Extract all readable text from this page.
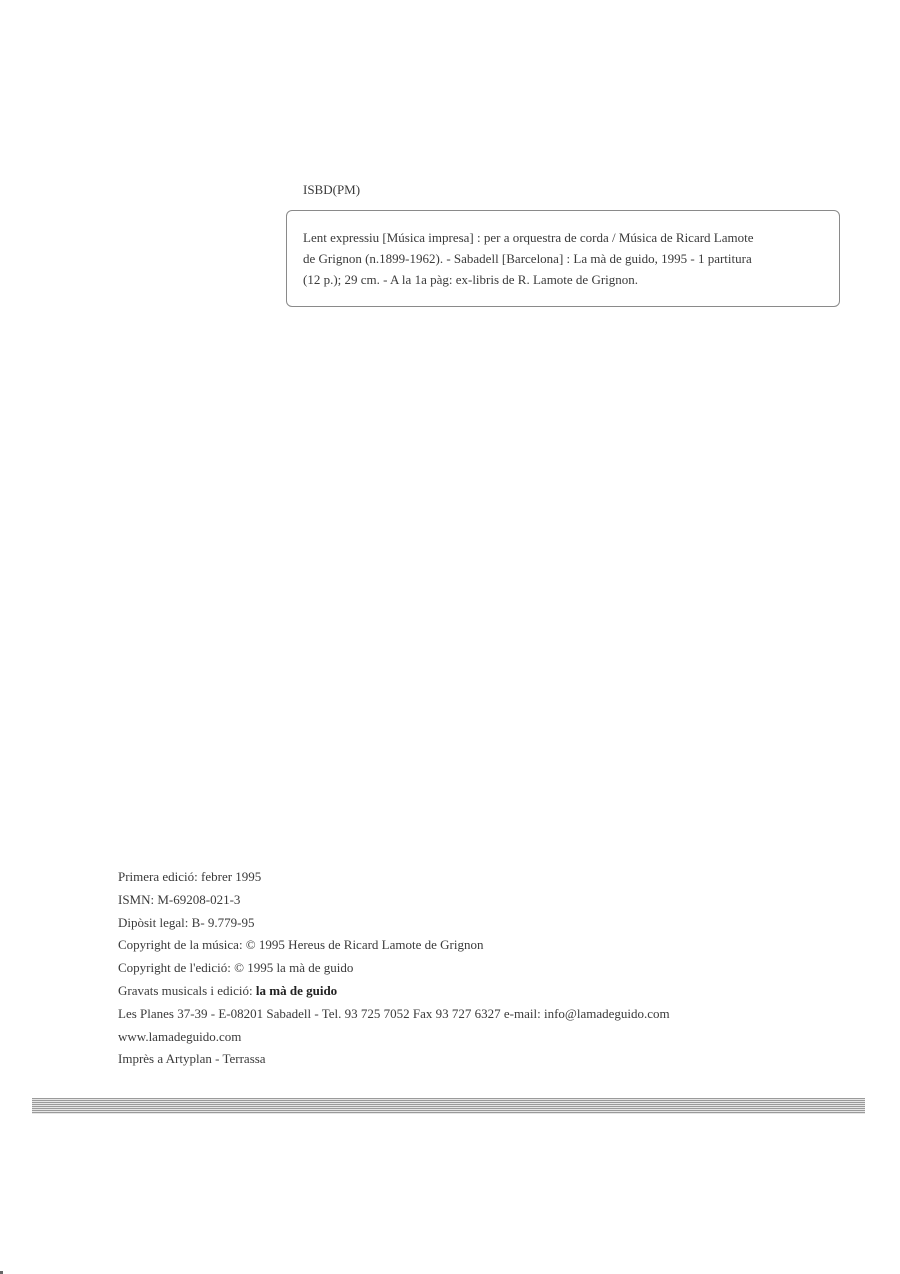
ISBD(PM)

Lent expressiu [Música impresa] : per a orquestra de corda / Música de Ricard Lamote
de Grignon (n.1899-1962). - Sabadell [Barcelona] : La mà de guido, 1995 - 1 partitura
(12 p.); 29 cm. - A la 1a pàg: ex-libris de R. Lamote de Grignon.

Primera edició: febrer 1995
ISMN: M-69208-021-3
Dipòsit legal: B- 9.779-95
Copyright de la música: © 1995 Hereus de Ricard Lamote de Grignon
Copyright de l'edició: © 1995 la mà de guido
Gravats musicals i edició: la mà de guido
Les Planes 37-39 - E-08201 Sabadell - Tel. 93 725 7052 Fax 93 727 6327 e-mail: info@lamadeguido.com
www.lamadeguido.com
Imprès a Artyplan - Terrassa
